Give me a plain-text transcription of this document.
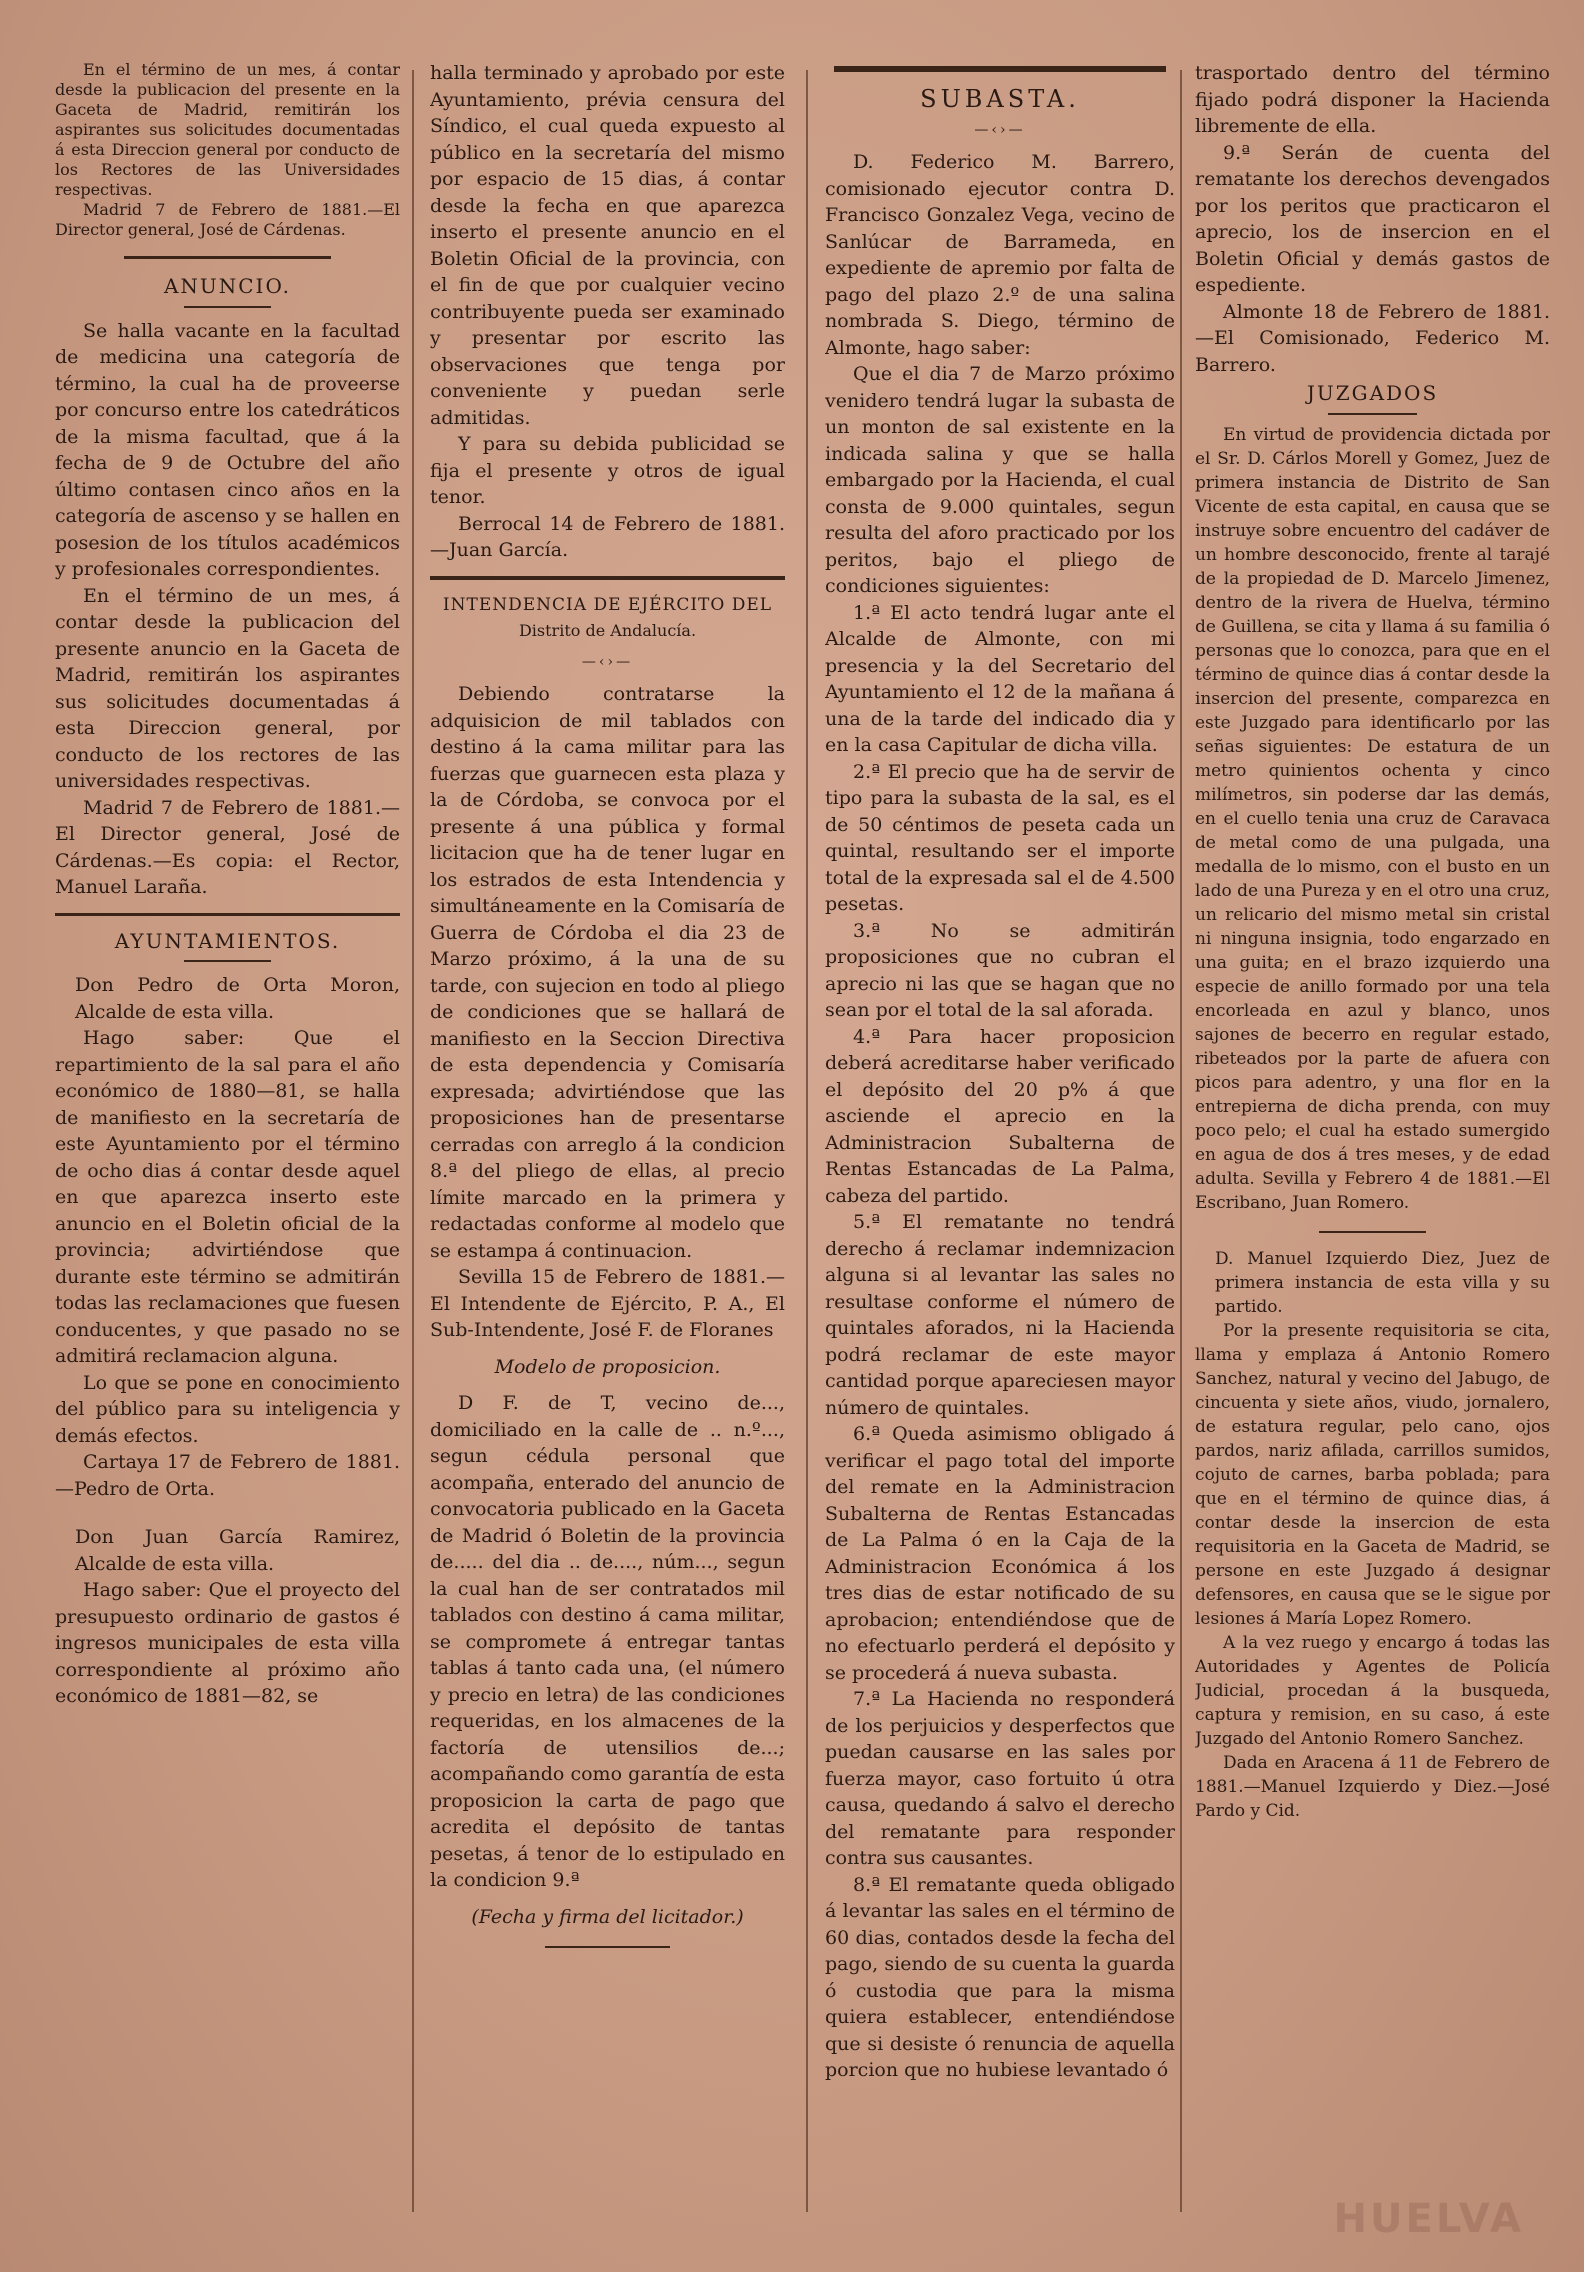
En el término de un mes, á contar desde la publicacion del presente en la Gaceta de Madrid, remitirán los aspirantes sus solicitudes documentadas á esta Direccion general por conducto de los Rectores de las Universidades respectivas.

Madrid 7 de Febrero de 1881.—El Director general, José de Cárdenas.

ANUNCIO.

Se halla vacante en la facultad de medicina una categoría de término, la cual ha de proveerse por concurso entre los catedráticos de la misma facultad, que á la fecha de 9 de Octubre del año último contasen cinco años en la categoría de ascenso y se hallen en posesion de los títulos académicos y profesionales correspondientes.

En el término de un mes, á contar desde la publicacion del presente anuncio en la Gaceta de Madrid, remitirán los aspirantes sus solicitudes documentadas á esta Direccion general, por conducto de los rectores de las universidades respectivas.

Madrid 7 de Febrero de 1881.—El Director general, José de Cárdenas.—Es copia: el Rector, Manuel Laraña.

AYUNTAMIENTOS.

Don Pedro de Orta Moron, Alcalde de esta villa.

Hago saber: Que el repartimiento de la sal para el año económico de 1880—81, se halla de manifiesto en la secretaría de este Ayuntamiento por el término de ocho dias á contar desde aquel en que aparezca inserto este anuncio en el Boletin oficial de la provincia; advirtiéndose que durante este término se admitirán todas las reclamaciones que fuesen conducentes, y que pasado no se admitirá reclamacion alguna.

Lo que se pone en conocimiento del público para su inteligencia y demás efectos.

Cartaya 17 de Febrero de 1881.—Pedro de Orta.

Don Juan García Ramirez, Alcalde de esta villa.

Hago saber: Que el proyecto del presupuesto ordinario de gastos é ingresos municipales de esta villa correspondiente al próximo año económico de 1881—82, se

halla terminado y aprobado por este Ayuntamiento, prévia censura del Síndico, el cual queda expuesto al público en la secretaría del mismo por espacio de 15 dias, á contar desde la fecha en que aparezca inserto el presente anuncio en el Boletin Oficial de la provincia, con el fin de que por cualquier vecino contribuyente pueda ser examinado y presentar por escrito las observaciones que tenga por conveniente y puedan serle admitidas.

Y para su debida publicidad se fija el presente y otros de igual tenor.

Berrocal 14 de Febrero de 1881.—Juan García.

INTENDENCIA DE EJÉRCITO DEL

Distrito de Andalucía.

—‹›—

Debiendo contratarse la adquisicion de mil tablados con destino á la cama militar para las fuerzas que guarnecen esta plaza y la de Córdoba, se convoca por el presente á una pública y formal licitacion que ha de tener lugar en los estrados de esta Intendencia y simultáneamente en la Comisaría de Guerra de Córdoba el dia 23 de Marzo próximo, á la una de su tarde, con sujecion en todo al pliego de condiciones que se hallará de manifiesto en la Seccion Directiva de esta dependencia y Comisaría expresada; advirtiéndose que las proposiciones han de presentarse cerradas con arreglo á la condicion 8.ª del pliego de ellas, al precio límite marcado en la primera y redactadas conforme al modelo que se estampa á continuacion.

Sevilla 15 de Febrero de 1881.—El Intendente de Ejército, P. A., El Sub-Intendente, José F. de Floranes

Modelo de proposicion.

D F. de T, vecino de..., domiciliado en la calle de .. n.º..., segun cédula personal que acompaña, enterado del anuncio de convocatoria publicado en la Gaceta de Madrid ó Boletin de la provincia de..... del dia .. de...., núm..., segun la cual han de ser contratados mil tablados con destino á cama militar, se compromete á entregar tantas tablas á tanto cada una, (el número y precio en letra) de las condiciones requeridas, en los almacenes de la factoría de utensilios de...; acompañando como garantía de esta proposicion la carta de pago que acredita el depósito de tantas pesetas, á tenor de lo estipulado en la condicion 9.ª

(Fecha y firma del licitador.)

SUBASTA.

—‹›—

D. Federico M. Barrero, comisionado ejecutor contra D. Francisco Gonzalez Vega, vecino de Sanlúcar de Barrameda, en expediente de apremio por falta de pago del plazo 2.º de una salina nombrada S. Diego, término de Almonte, hago saber:

Que el dia 7 de Marzo próximo venidero tendrá lugar la subasta de un monton de sal existente en la indicada salina y que se halla embargado por la Hacienda, el cual consta de 9.000 quintales, segun resulta del aforo practicado por los peritos, bajo el pliego de condiciones siguientes:

1.ª El acto tendrá lugar ante el Alcalde de Almonte, con mi presencia y la del Secretario del Ayuntamiento el 12 de la mañana á una de la tarde del indicado dia y en la casa Capitular de dicha villa.

2.ª El precio que ha de servir de tipo para la subasta de la sal, es el de 50 céntimos de peseta cada un quintal, resultando ser el importe total de la expresada sal el de 4.500 pesetas.

3.ª No se admitirán proposiciones que no cubran el aprecio ni las que se hagan que no sean por el total de la sal aforada.

4.ª Para hacer proposicion deberá acreditarse haber verificado el depósito del 20 p% á que asciende el aprecio en la Administracion Subalterna de Rentas Estancadas de La Palma, cabeza del partido.

5.ª El rematante no tendrá derecho á reclamar indemnizacion alguna si al levantar las sales no resultase conforme el número de quintales aforados, ni la Hacienda podrá reclamar de este mayor cantidad porque apareciesen mayor número de quintales.

6.ª Queda asimismo obligado á verificar el pago total del importe del remate en la Administracion Subalterna de Rentas Estancadas de La Palma ó en la Caja de la Administracion Económica á los tres dias de estar notificado de su aprobacion; entendiéndose que de no efectuarlo perderá el depósito y se procederá á nueva subasta.

7.ª La Hacienda no responderá de los perjuicios y desperfectos que puedan causarse en las sales por fuerza mayor, caso fortuito ú otra causa, quedando á salvo el derecho del rematante para responder contra sus causantes.

8.ª El rematante queda obligado á levantar las sales en el término de 60 dias, contados desde la fecha del pago, siendo de su cuenta la guarda ó custodia que para la misma quiera establecer, entendiéndose que si desiste ó renuncia de aquella porcion que no hubiese levantado ó

trasportado dentro del término fijado podrá disponer la Hacienda libremente de ella.

9.ª Serán de cuenta del rematante los derechos devengados por los peritos que practicaron el aprecio, los de insercion en el Boletin Oficial y demás gastos de espediente.

Almonte 18 de Febrero de 1881.—El Comisionado, Federico M. Barrero.

JUZGADOS

En virtud de providencia dictada por el Sr. D. Cárlos Morell y Gomez, Juez de primera instancia de Distrito de San Vicente de esta capital, en causa que se instruye sobre encuentro del cadáver de un hombre desconocido, frente al tarajé de la propiedad de D. Marcelo Jimenez, dentro de la rivera de Huelva, término de Guillena, se cita y llama á su familia ó personas que lo conozca, para que en el término de quince dias á contar desde la insercion del presente, comparezca en este Juzgado para identificarlo por las señas siguientes: De estatura de un metro quinientos ochenta y cinco milímetros, sin poderse dar las demás, en el cuello tenia una cruz de Caravaca de metal como de una pulgada, una medalla de lo mismo, con el busto en un lado de una Pureza y en el otro una cruz, un relicario del mismo metal sin cristal ni ninguna insignia, todo engarzado en una guita; en el brazo izquierdo una especie de anillo formado por una tela encorleada en azul y blanco, unos sajones de becerro en regular estado, ribeteados por la parte de afuera con picos para adentro, y una flor en la entrepierna de dicha prenda, con muy poco pelo; el cual ha estado sumergido en agua de dos á tres meses, y de edad adulta. Sevilla y Febrero 4 de 1881.—El Escribano, Juan Romero.

D. Manuel Izquierdo Diez, Juez de primera instancia de esta villa y su partido.

Por la presente requisitoria se cita, llama y emplaza á Antonio Romero Sanchez, natural y vecino del Jabugo, de cincuenta y siete años, viudo, jornalero, de estatura regular, pelo cano, ojos pardos, nariz afilada, carrillos sumidos, cojuto de carnes, barba poblada; para que en el término de quince dias, á contar desde la insercion de esta requisitoria en la Gaceta de Madrid, se persone en este Juzgado á designar defensores, en causa que se le sigue por lesiones á María Lopez Romero.

A la vez ruego y encargo á todas las Autoridades y Agentes de Policía Judicial, procedan á la busqueda, captura y remision, en su caso, á este Juzgado del Antonio Romero Sanchez.

Dada en Aracena á 11 de Febrero de 1881.—Manuel Izquierdo y Diez.—José Pardo y Cid.

HUELVA
